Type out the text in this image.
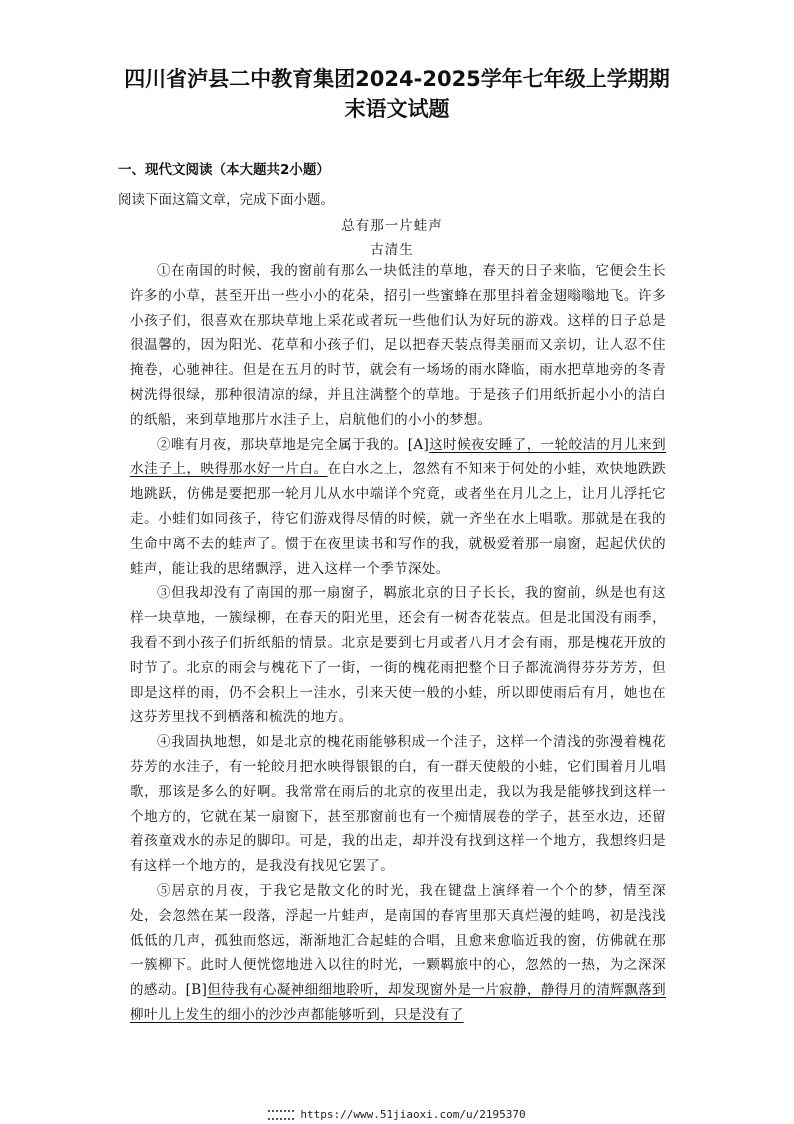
四川省泸县二中教育集团2024-2025学年七年级上学期期
末语文试题
一、现代文阅读（本大题共2小题）

阅读下面这篇文章，完成下面小题。

总有那一片蛙声

古清生

①在南国的时候，我的窗前有那么一块低洼的草地，春天的日子来临，它便会生长许多的小草，甚至开出一些小小的花朵，招引一些蜜蜂在那里抖着金翅嗡嗡地飞。许多小孩子们，很喜欢在那块草地上采花或者玩一些他们认为好玩的游戏。这样的日子总是很温馨的，因为阳光、花草和小孩子们，足以把春天装点得美丽而又亲切，让人忍不住掩卷，心驰神往。但是在五月的时节，就会有一场场的雨水降临，雨水把草地旁的冬青树洗得很绿，那种很清凉的绿，并且注满整个的草地。于是孩子们用纸折起小小的洁白的纸船，来到草地那片水洼子上，启航他们的小小的梦想。

②唯有月夜，那块草地是完全属于我的。[A]这时候夜安睡了，一轮皎洁的月儿来到水洼子上，映得那水好一片白。在白水之上，忽然有不知来于何处的小蛙，欢快地跌跌地跳跃，仿佛是要把那一轮月儿从水中端详个究竟，或者坐在月儿之上，让月儿浮托它走。小蛙们如同孩子，待它们游戏得尽情的时候，就一齐坐在水上唱歌。那就是在我的生命中离不去的蛙声了。惯于在夜里读书和写作的我，就极爱着那一扇窗，起起伏伏的蛙声，能让我的思绪飘浮，进入这样一个季节深处。

③但我却没有了南国的那一扇窗子，羁旅北京的日子长长，我的窗前，纵是也有这样一块草地，一簇绿柳，在春天的阳光里，还会有一树杏花装点。但是北国没有雨季，我看不到小孩子们折纸船的情景。北京是要到七月或者八月才会有雨，那是槐花开放的时节了。北京的雨会与槐花下了一街，一街的槐花雨把整个日子都流淌得芬芬芳芳，但即是这样的雨，仍不会积上一洼水，引来天使一般的小蛙，所以即使雨后有月，她也在这芬芳里找不到栖落和梳洗的地方。

④我固执地想，如是北京的槐花雨能够积成一个洼子，这样一个清浅的弥漫着槐花芬芳的水洼子，有一轮皎月把水映得银银的白，有一群天使般的小蛙，它们围着月儿唱歌，那该是多么的好啊。我常常在雨后的北京的夜里出走，我以为我是能够找到这样一个地方的，它就在某一扇窗下，甚至那窗前也有一个痴情展卷的学子，甚至水边，还留着孩童戏水的赤足的脚印。可是，我的出走，却并没有找到这样一个地方，我想终归是有这样一个地方的，是我没有找见它罢了。

⑤居京的月夜，于我它是散文化的时光，我在键盘上演绎着一个个的梦，情至深处，会忽然在某一段落，浮起一片蛙声，是南国的春宵里那天真烂漫的蛙鸣，初是浅浅低低的几声，孤独而悠远，渐渐地汇合起蛙的合唱，且愈来愈临近我的窗，仿佛就在那一簇柳下。此时人便恍惚地进入以往的时光，一颗羁旅中的心，忽然的一热，为之深深的感动。[B]但待我有心凝神细细地聆听，却发现窗外是一片寂静，静得月的清辉飘落到柳叶儿上发生的细小的沙沙声都能够听到，只是没有了

https://www.51jiaoxi.com/u/2195370
